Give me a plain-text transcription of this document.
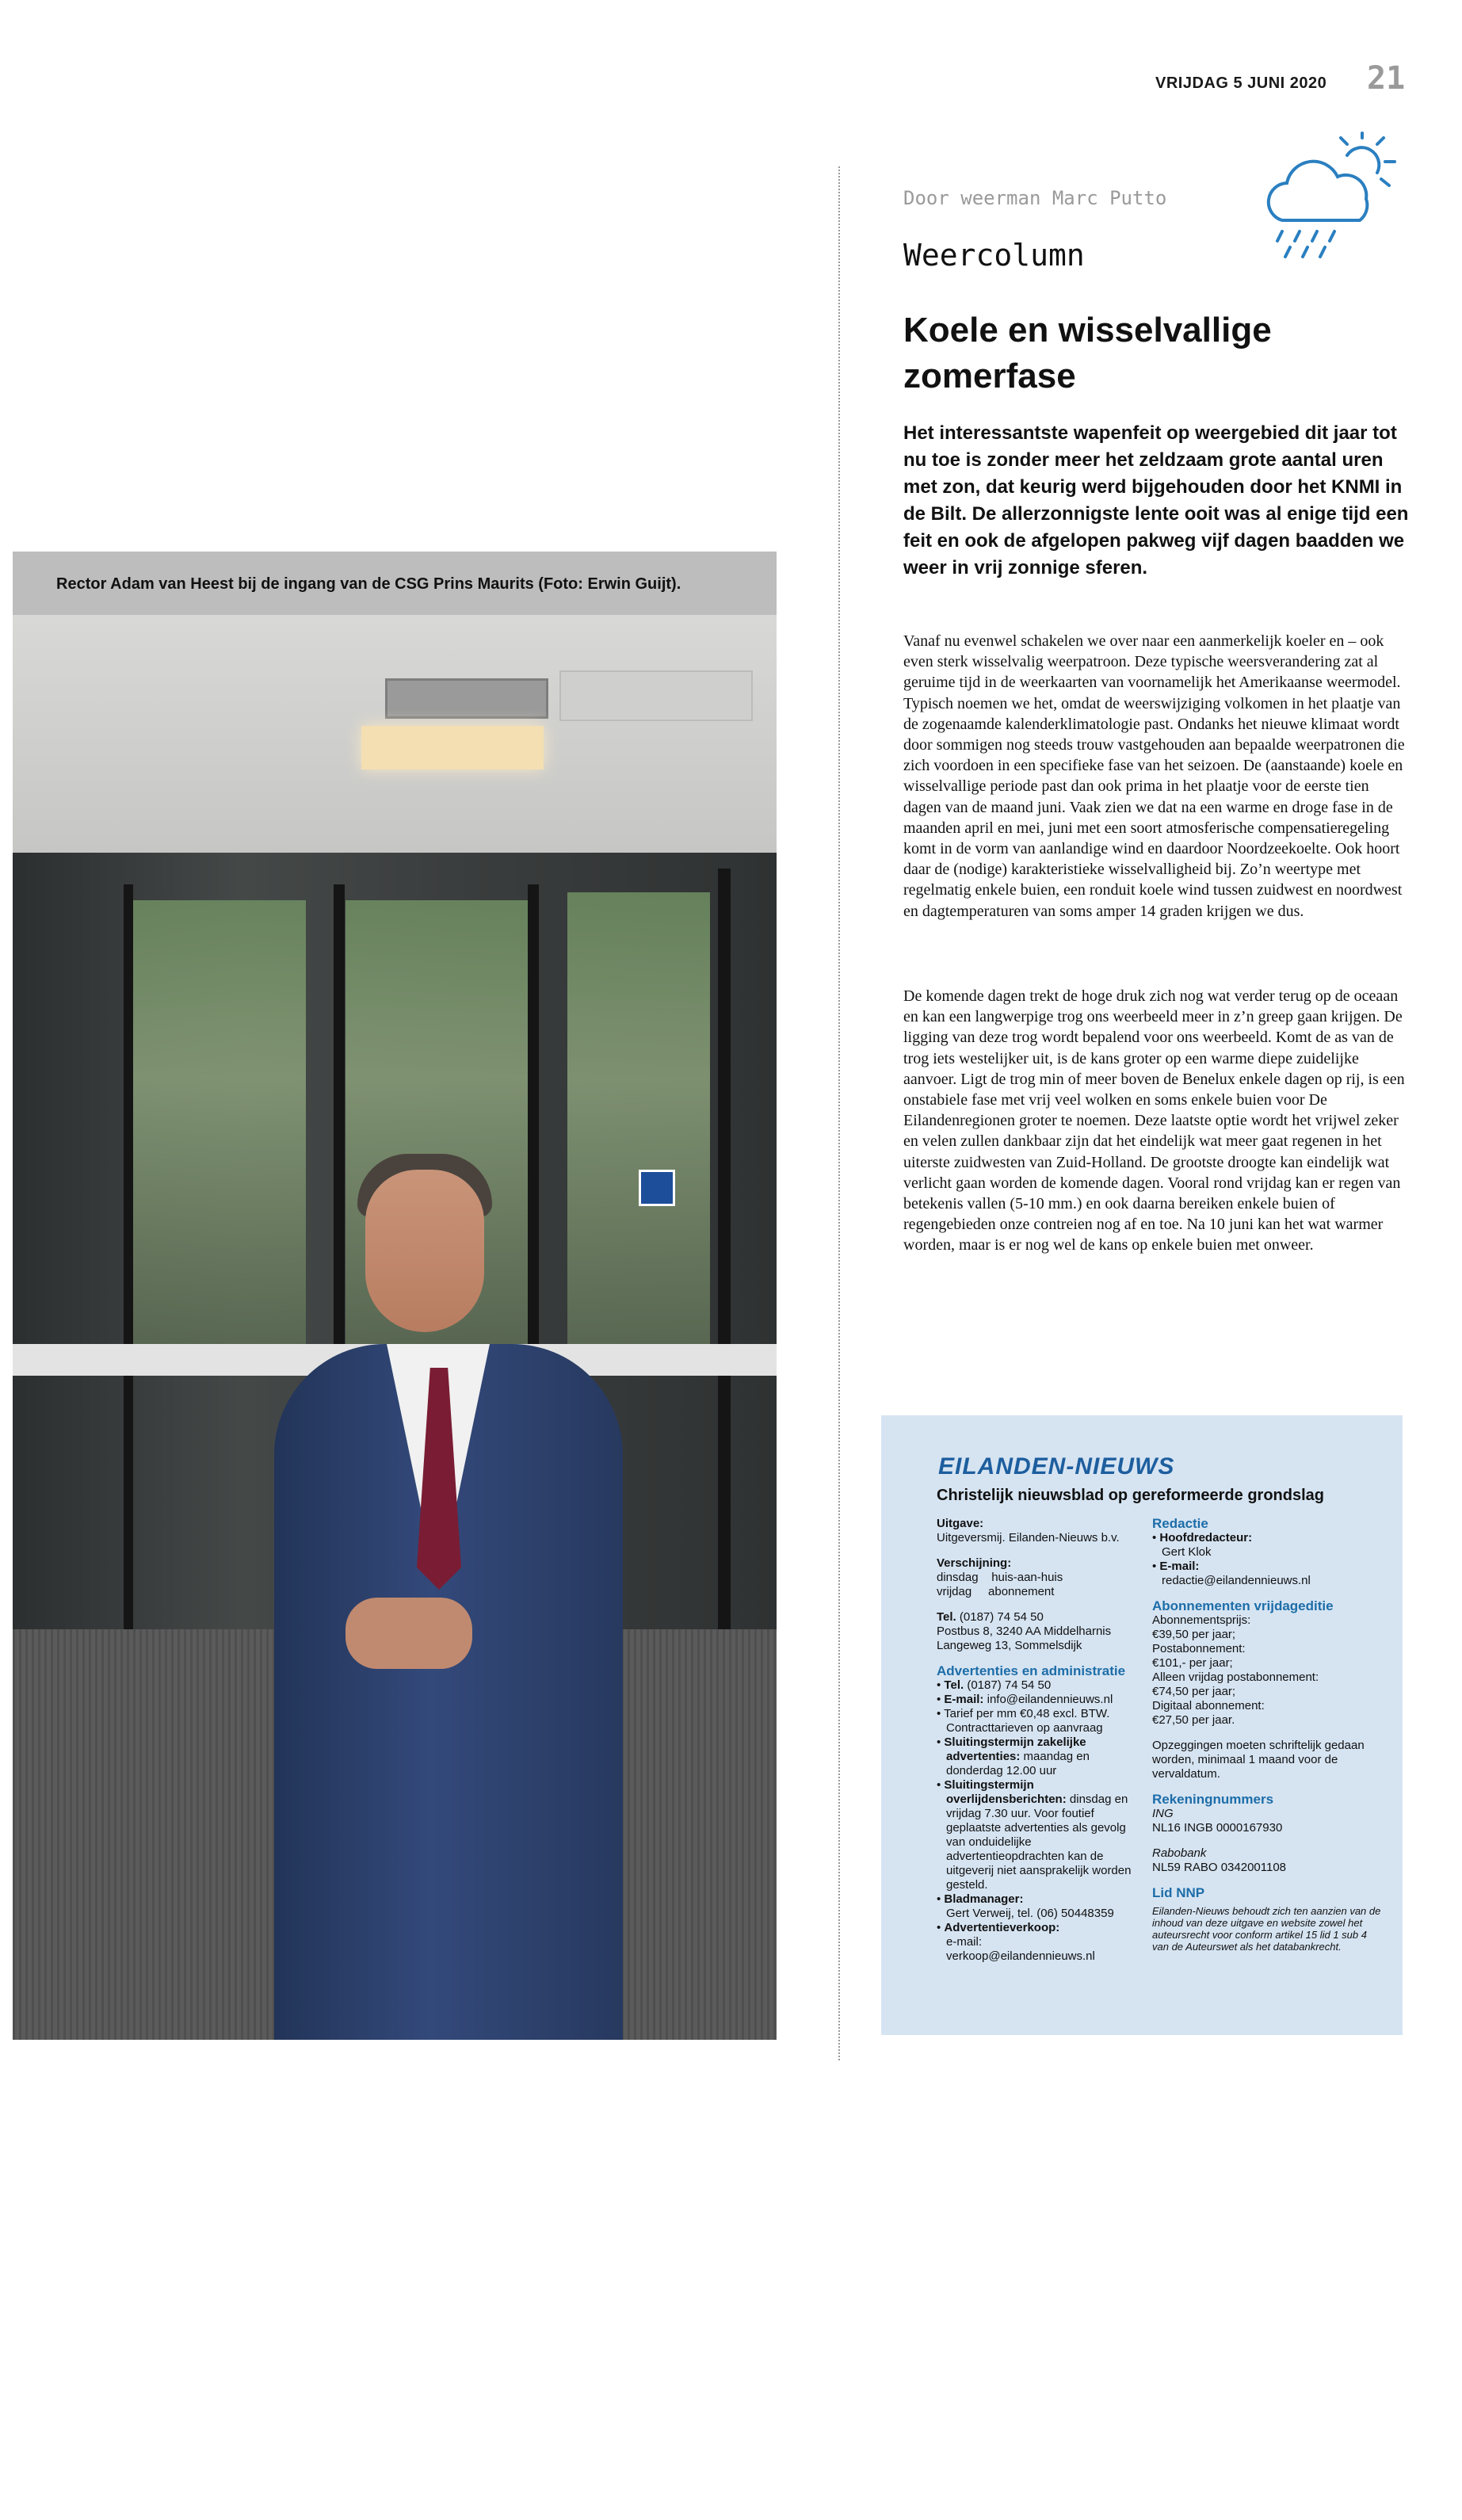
VRIJDAG 5 JUNI 2020 21
Rector Adam van Heest bij de ingang van de CSG Prins Maurits (Foto: Erwin Guijt).
”
We willen zo
snel mogelijk
terug naar
oude normaal
Door weerman Marc Putto
Weercolumn
Koele en wisselvallige zomerfase
Het interessantste wapenfeit op weergebied dit jaar tot nu toe is zonder meer het zeldzaam grote aantal uren met zon, dat keurig werd bijgehouden door het KNMI in de Bilt. De allerzonnigste lente ooit was al enige tijd een feit en ook de afgelopen pakweg vijf dagen baadden we weer in vrij zonnige sferen.
Vanaf nu evenwel schakelen we over naar een aanmerkelijk koeler en – ook even sterk wisselvalig weerpatroon. Deze typische weersverandering zat al geruime tijd in de weerkaarten van voornamelijk het Amerikaanse weermodel. Typisch noemen we het, omdat de weerswijziging volkomen in het plaatje van de zogenaamde kalenderklimatologie past. Ondanks het nieuwe klimaat wordt door sommigen nog steeds trouw vastgehouden aan bepaalde weerpatronen die zich voordoen in een specifieke fase van het seizoen. De (aanstaande) koele en wisselvallige periode past dan ook prima in het plaatje voor de eerste tien dagen van de maand juni. Vaak zien we dat na een warme en droge fase in de maanden april en mei, juni met een soort atmosferische compensatieregeling komt in de vorm van aanlandige wind en daardoor Noordzeekoelte. Ook hoort daar de (nodige) karakteristieke wisselvalligheid bij. Zo’n weertype met regelmatig enkele buien, een ronduit koele wind tussen zuidwest en noordwest en dagtemperaturen van soms amper 14 graden krijgen we dus.
De komende dagen trekt de hoge druk zich nog wat verder terug op de oceaan en kan een langwerpige trog ons weerbeeld meer in z’n greep gaan krijgen. De ligging van deze trog wordt bepalend voor ons weerbeeld. Komt de as van de trog iets westelijker uit, is de kans groter op een warme diepe zuidelijke aanvoer. Ligt de trog min of meer boven de Benelux enkele dagen op rij, is een onstabiele fase met vrij veel wolken en soms enkele buien voor De Eilandenregionen groter te noemen. Deze laatste optie wordt het vrijwel zeker en velen zullen dankbaar zijn dat het eindelijk wat meer gaat regenen in het uiterste zuidwesten van Zuid-Holland. De grootste droogte kan eindelijk wat verlicht gaan worden de komende dagen. Vooral rond vrijdag kan er regen van betekenis vallen (5-10 mm.) en ook daarna bereiken enkele buien of regengebieden onze contreien nog af en toe. Na 10 juni kan het wat warmer worden, maar is er nog wel de kans op enkele buien met onweer.
EILANDEN-NIEUWS
Christelijk nieuwsblad op gereformeerde grondslag
Uitgave:
Uitgeversmij. Eilanden-Nieuws b.v.
Verschijning:
dinsdag    huis-aan-huis
vrijdag     abonnement
Tel. (0187) 74 54 50
Postbus 8, 3240 AA Middelharnis
Langeweg 13, Sommelsdijk
Advertenties en administratie
• Tel. (0187) 74 54 50
• E-mail: info@eilandennieuws.nl
• Tarief per mm €0,48 excl. BTW. Contracttarieven op aanvraag
• Sluitingstermijn zakelijke advertenties: maandag en donderdag 12.00 uur
• Sluitingstermijn overlijdensberichten: dinsdag en vrijdag 7.30 uur. Voor foutief geplaatste advertenties als gevolg van onduidelijke advertentieopdrachten kan de uitgeverij niet aansprakelijk worden gesteld.
• Bladmanager:
Gert Verweij, tel. (06) 50448359
• Advertentieverkoop:
e-mail:
verkoop@eilandennieuws.nl
Redactie
• Hoofdredacteur:
Gert Klok
• E-mail:
redactie@eilandennieuws.nl
Abonnementen vrijdageditie
Abonnementsprijs:
€39,50 per jaar;
Postabonnement:
€101,- per jaar;
Alleen vrijdag postabonnement:
€74,50 per jaar;
Digitaal abonnement:
€27,50 per jaar.
Opzeggingen moeten schriftelijk gedaan worden, minimaal 1 maand voor de vervaldatum.
Rekeningnummers
ING
NL16 INGB 0000167930
Rabobank
NL59 RABO 0342001108
Lid NNP
Eilanden-Nieuws behoudt zich ten aanzien van de inhoud van deze uitgave en website zowel het auteursrecht voor conform artikel 15 lid 1 sub 4 van de Auteurswet als het databankrecht.
